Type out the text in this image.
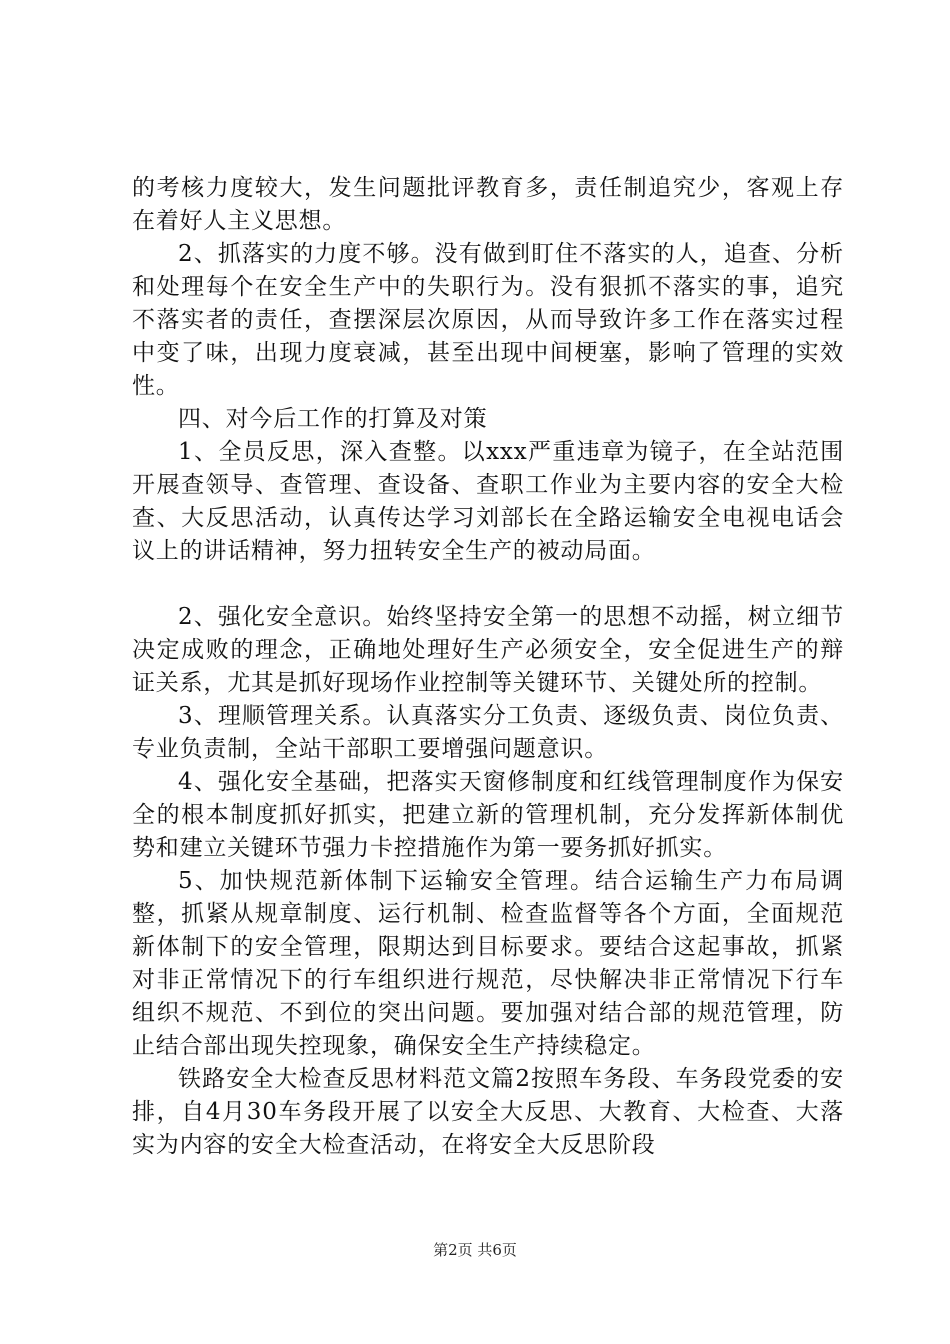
的考核力度较大，发生问题批评教育多，责任制追究少，客观上存在着好人主义思想。

2、抓落实的力度不够。没有做到盯住不落实的人，追查、分析和处理每个在安全生产中的失职行为。没有狠抓不落实的事，追究不落实者的责任，查摆深层次原因，从而导致许多工作在落实过程中变了味，出现力度衰减，甚至出现中间梗塞，影响了管理的实效性。

四、对今后工作的打算及对策

1、全员反思，深入查整。以xxx严重违章为镜子，在全站范围开展查领导、查管理、查设备、查职工作业为主要内容的安全大检查、大反思活动，认真传达学习刘部长在全路运输安全电视电话会议上的讲话精神，努力扭转安全生产的被动局面。

2、强化安全意识。始终坚持安全第一的思想不动摇，树立细节决定成败的理念，正确地处理好生产必须安全，安全促进生产的辩证关系，尤其是抓好现场作业控制等关键环节、关键处所的控制。

3、理顺管理关系。认真落实分工负责、逐级负责、岗位负责、专业负责制，全站干部职工要增强问题意识。

4、强化安全基础，把落实天窗修制度和红线管理制度作为保安全的根本制度抓好抓实，把建立新的管理机制，充分发挥新体制优势和建立关键环节强力卡控措施作为第一要务抓好抓实。

5、加快规范新体制下运输安全管理。结合运输生产力布局调整，抓紧从规章制度、运行机制、检查监督等各个方面，全面规范新体制下的安全管理，限期达到目标要求。要结合这起事故，抓紧对非正常情况下的行车组织进行规范，尽快解决非正常情况下行车组织不规范、不到位的突出问题。要加强对结合部的规范管理，防止结合部出现失控现象，确保安全生产持续稳定。

铁路安全大检查反思材料范文篇2按照车务段、车务段党委的安排，自4月30车务段开展了以安全大反思、大教育、大检查、大落实为内容的安全大检查活动，在将安全大反思阶段

第2页 共6页
